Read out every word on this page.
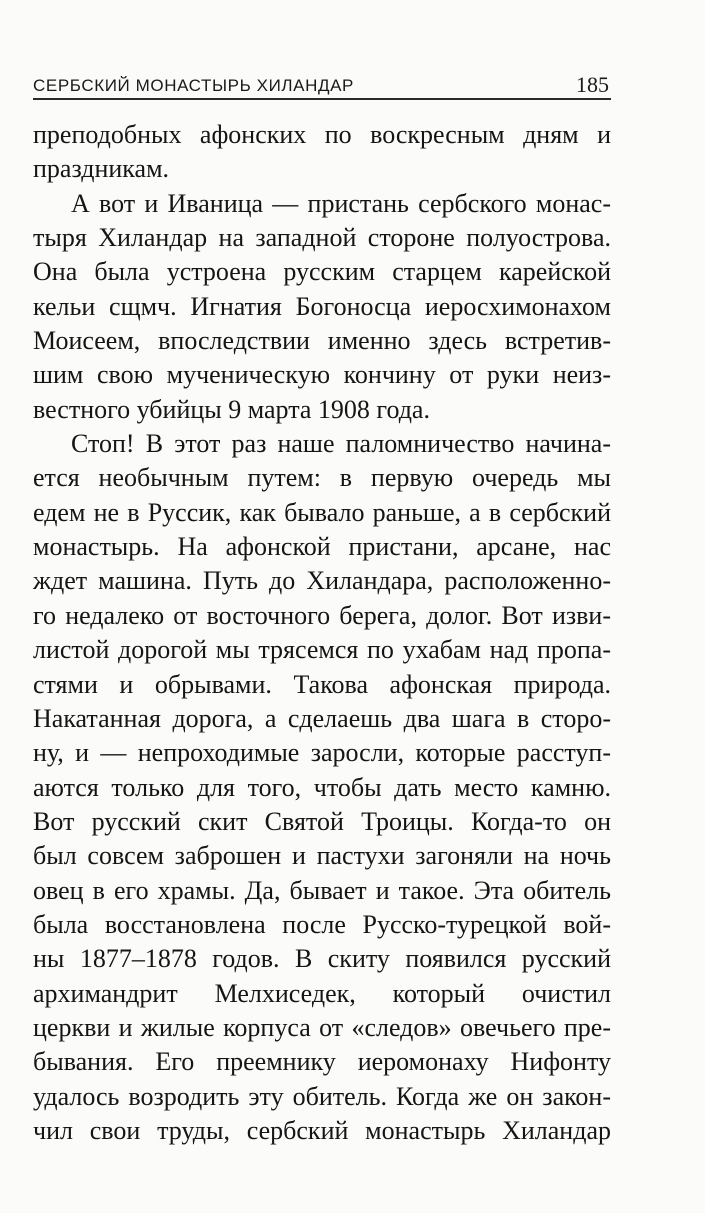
СЕРБСКИЙ МОНАСТЫРЬ ХИЛАНДАР	185
преподобных афонских по воскресным дням и
праздникам.
А вот и Иваница — пристань сербского монас-
тыря Хиландар на западной стороне полуострова.
Она была устроена русским старцем карейской
кельи сщмч. Игнатия Богоносца иеросхимонахом
Моисеем, впоследствии именно здесь встретив-
шим свою мученическую кончину от руки неиз-
вестного убийцы 9 марта 1908 года.
Стоп! В этот раз наше паломничество начина-
ется необычным путем: в первую очередь мы
едем не в Руссик, как бывало раньше, а в сербский
монастырь. На афонской пристани, арсане, нас
ждет машина. Путь до Хиландара, расположенно-
го недалеко от восточного берега, долог. Вот изви-
листой дорогой мы трясемся по ухабам над пропа-
стями и обрывами. Такова афонская природа.
Накатанная дорога, а сделаешь два шага в сторо-
ну, и — непроходимые заросли, которые расступ-
аются только для того, чтобы дать место камню.
Вот русский скит Святой Троицы. Когда-то он
был совсем заброшен и пастухи загоняли на ночь
овец в его храмы. Да, бывает и такое. Эта обитель
была восстановлена после Русско-турецкой вой-
ны 1877–1878 годов. В скиту появился русский
архимандрит Мелхиседек, который очистил
церкви и жилые корпуса от «следов» овечьего пре-
бывания. Его преемнику иеромонаху Нифонту
удалось возродить эту обитель. Когда же он закон-
чил свои труды, сербский монастырь Хиландар
